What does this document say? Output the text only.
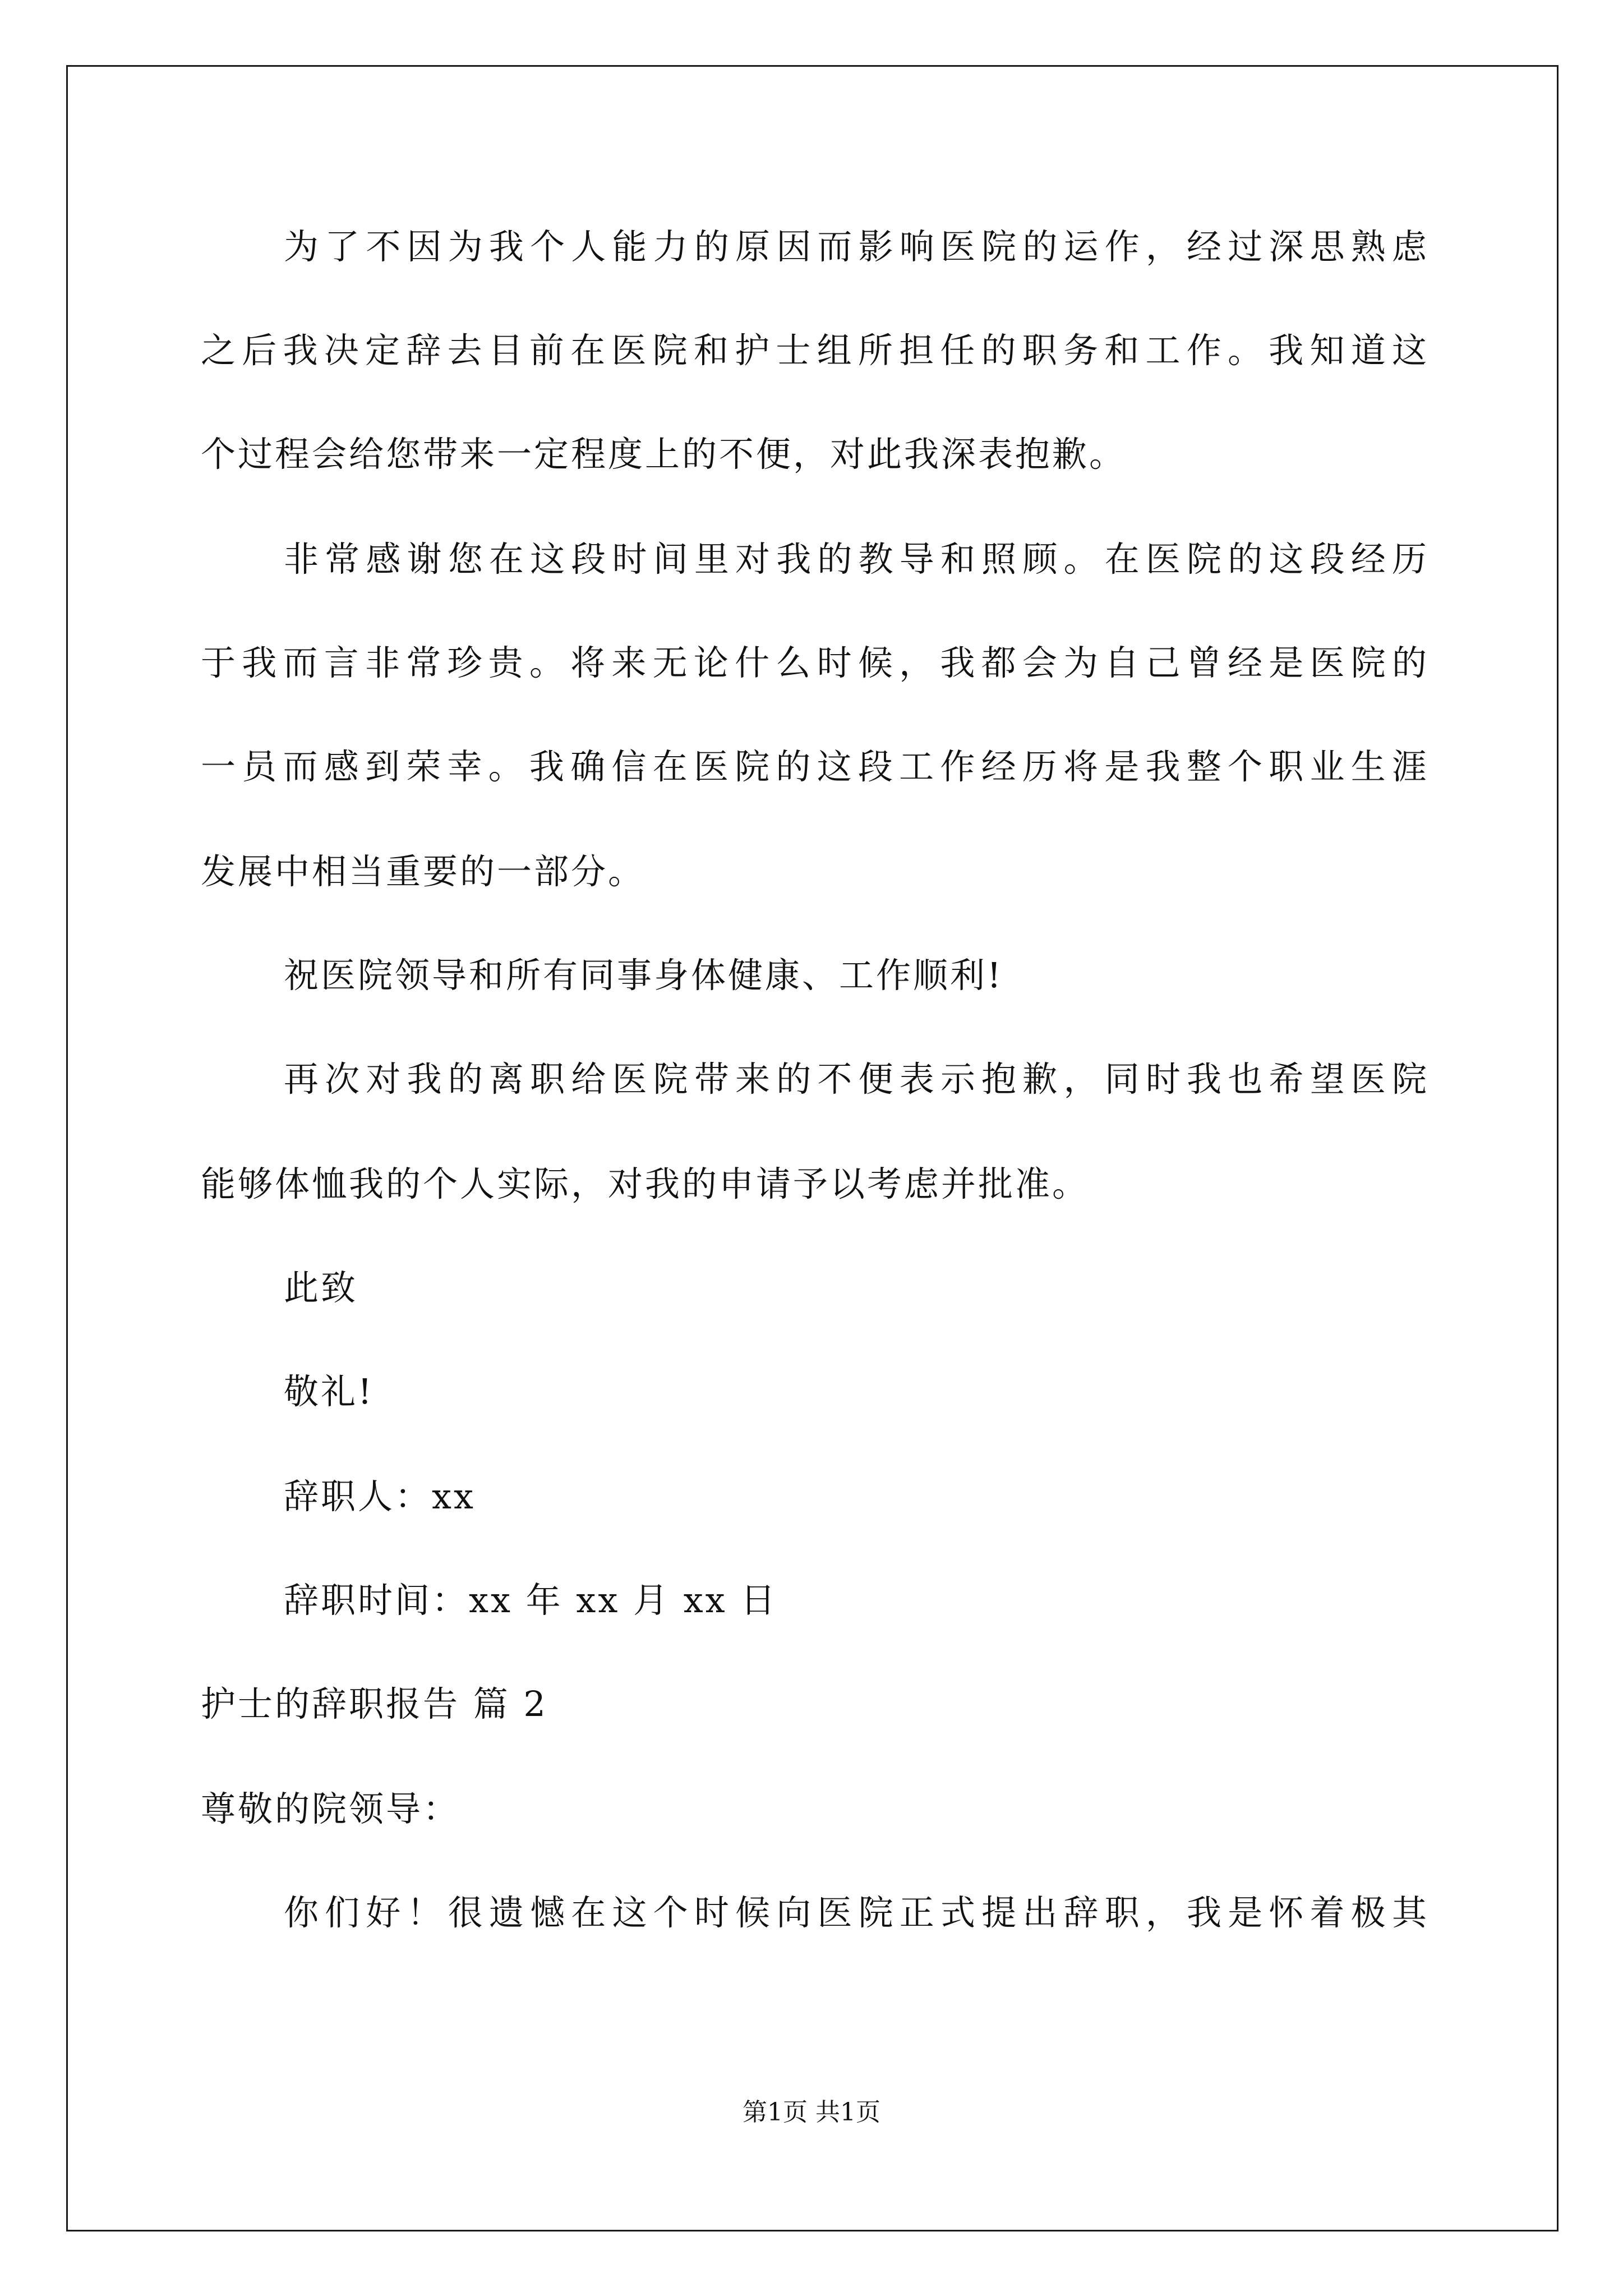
为了不因为我个人能力的原因而影响医院的运作，经过深思熟虑
之后我决定辞去目前在医院和护士组所担任的职务和工作。我知道这
个过程会给您带来一定程度上的不便，对此我深表抱歉。
非常感谢您在这段时间里对我的教导和照顾。在医院的这段经历
于我而言非常珍贵。将来无论什么时候，我都会为自己曾经是医院的
一员而感到荣幸。我确信在医院的这段工作经历将是我整个职业生涯
发展中相当重要的一部分。
祝医院领导和所有同事身体健康、工作顺利!
再次对我的离职给医院带来的不便表示抱歉，同时我也希望医院
能够体恤我的个人实际，对我的申请予以考虑并批准。
此致
敬礼!
辞职人：xx
辞职时间：xx 年 xx 月 xx 日
护士的辞职报告 篇 2
尊敬的院领导：
你们好！很遗憾在这个时候向医院正式提出辞职，我是怀着极其
第1页 共1页
